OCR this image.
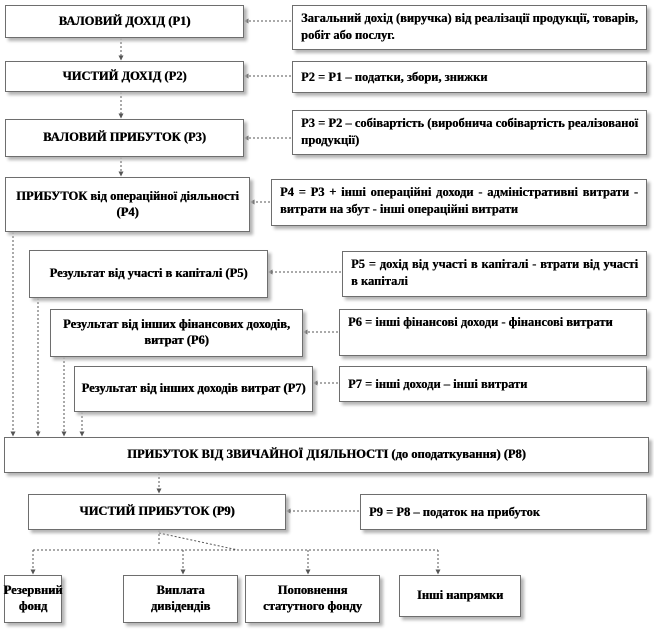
ВАЛОВИЙ ДОХІД (Р1)
ЧИСТИЙ ДОХІД (Р2)
ВАЛОВИЙ ПРИБУТОК (Р3)
ПРИБУТОК від операційної діяльності (Р4)
Результат від участі в капіталі (Р5)
Результат від інших фінансових доходів, витрат (Р6)
Результат від інших доходів витрат (Р7)
ПРИБУТОК ВІД ЗВИЧАЙНОЇ ДІЯЛЬНОСТІ (до оподаткування) (Р8)
ЧИСТИЙ ПРИБУТОК (Р9)
Загальний дохід (виручка) від реалізації продукції, товарів, робіт або послуг.
Р2 = Р1 – податки, збори, знижки
Р3 = Р2 – собівартість (виробнича собівартість реалізованої продукції)
Р4 = Р3 + інші операційні доходи - адміністративні витрати - витрати на збут - інші операційні витрати
Р5 = дохід від участі в капіталі - втрати від участі в капіталі
Р6 = інші фінансові доходи - фінансові витрати
Р7 = інші доходи – інші витрати
Р9 = Р8 – податок на прибуток
Резервний фонд
Виплата дивідендів
Поповнення статутного фонду
Інші напрямки
